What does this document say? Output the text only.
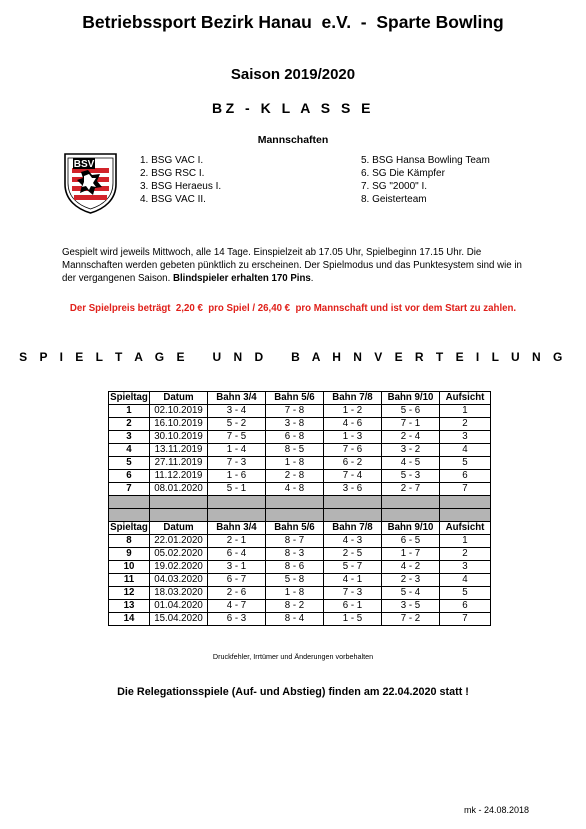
Betriebssport Bezirk Hanau  e.V.  -  Sparte Bowling
Saison 2019/2020
BZ - K L A S S E
Mannschaften
BSV	1. BSG VAC I.
2. BSG RSC I.
3. BSG Heraeus I.
4. BSG VAC II.
5. BSG Hansa Bowling Team
6. SG Die Kämpfer
7. SG "2000" I.
8. Geisterteam
Gespielt wird jeweils Mittwoch, alle 14 Tage. Einspielzeit ab 17.05 Uhr, Spielbeginn 17.15 Uhr. Die Mannschaften werden gebeten pünktlich zu erscheinen. Der Spielmodus und das Punktesystem sind wie in der vergangenen Saison. Blindspieler erhalten 170 Pins.
Der Spielpreis beträgt  2,20 €  pro Spiel / 26,40 €  pro Mannschaft und ist vor dem Start zu zahlen.
S P I E L T A G E   U N D   B A H N V E R T E I L U N G
Spieltag	Datum	Bahn 3/4	Bahn 5/6	Bahn 7/8	Bahn 9/10	Aufsicht
1	02.10.2019	3 - 4	7 - 8	1 - 2	5 - 6	1
2	16.10.2019	5 - 2	3 - 8	4 - 6	7 - 1	2
3	30.10.2019	7 - 5	6 - 8	1 - 3	2 - 4	3
4	13.11.2019	1 - 4	8 - 5	7 - 6	3 - 2	4
5	27.11.2019	7 - 3	1 - 8	6 - 2	4 - 5	5
6	11.12.2019	1 - 6	2 - 8	7 - 4	5 - 3	6
7	08.01.2020	5 - 1	4 - 8	3 - 6	2 - 7	7

Spieltag	Datum	Bahn 3/4	Bahn 5/6	Bahn 7/8	Bahn 9/10	Aufsicht
8	22.01.2020	2 - 1	8 - 7	4 - 3	6 - 5	1
9	05.02.2020	6 - 4	8 - 3	2 - 5	1 - 7	2
10	19.02.2020	3 - 1	8 - 6	5 - 7	4 - 2	3
11	04.03.2020	6 - 7	5 - 8	4 - 1	2 - 3	4
12	18.03.2020	2 - 6	1 - 8	7 - 3	5 - 4	5
13	01.04.2020	4 - 7	8 - 2	6 - 1	3 - 5	6
14	15.04.2020	6 - 3	8 - 4	1 - 5	7 - 2	7
Druckfehler, Irrtümer und Änderungen vorbehalten
Die Relegationsspiele (Auf- und Abstieg) finden am 22.04.2020 statt !
mk - 24.08.2018
